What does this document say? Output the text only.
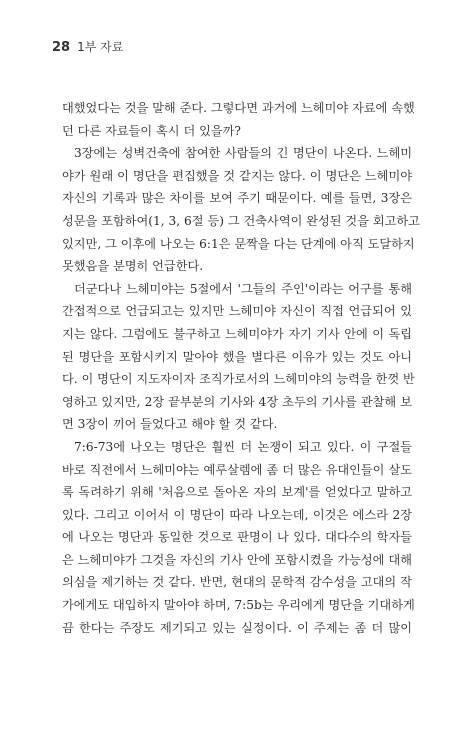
28 1부 자료
대했었다는 것을 말해 준다. 그렇다면 과거에 느헤미야 자료에 속했
던 다른 자료들이 혹시 더 있을까?
3장에는 성벽건축에 참여한 사람들의 긴 명단이 나온다. 느헤미
야가 원래 이 명단을 편집했을 것 같지는 않다. 이 명단은 느헤미야
자신의 기록과 많은 차이를 보여 주기 때문이다. 예를 들면, 3장은
성문을 포함하여(1, 3, 6절 등) 그 건축사역이 완성된 것을 회고하고
있지만, 그 이후에 나오는 6:1은 문짝을 다는 단계에 아직 도달하지
못했음을 분명히 언급한다.
더군다나 느헤미야는 5절에서 '그들의 주인'이라는 어구를 통해
간접적으로 언급되고는 있지만 느헤미야 자신이 직접 언급되어 있
지는 않다. 그럼에도 불구하고 느헤미야가 자기 기사 안에 이 독립
된 명단을 포함시키지 말아야 했을 별다른 이유가 있는 것도 아니
다. 이 명단이 지도자이자 조직가로서의 느헤미야의 능력을 한껏 반
영하고 있지만, 2장 끝부분의 기사와 4장 초두의 기사를 관찰해 보
면 3장이 끼어 들었다고 해야 할 것 같다.
7:6-73에 나오는 명단은 훨씬 더 논쟁이 되고 있다. 이 구절들
바로 직전에서 느헤미야는 예루살렘에 좀 더 많은 유대인들이 살도
록 독려하기 위해 '처음으로 돌아온 자의 보계'를 얻었다고 말하고
있다. 그리고 이어서 이 명단이 따라 나오는데, 이것은 에스라 2장
에 나오는 명단과 동일한 것으로 판명이 나 있다. 대다수의 학자들
은 느헤미야가 그것을 자신의 기사 안에 포함시켰을 가능성에 대해
의심을 제기하는 것 같다. 반면, 현대의 문학적 감수성을 고대의 작
가에게도 대입하지 말아야 하며, 7:5b는 우리에게 명단을 기대하게
끔 한다는 주장도 제기되고 있는 실정이다. 이 주제는 좀 더 많이
